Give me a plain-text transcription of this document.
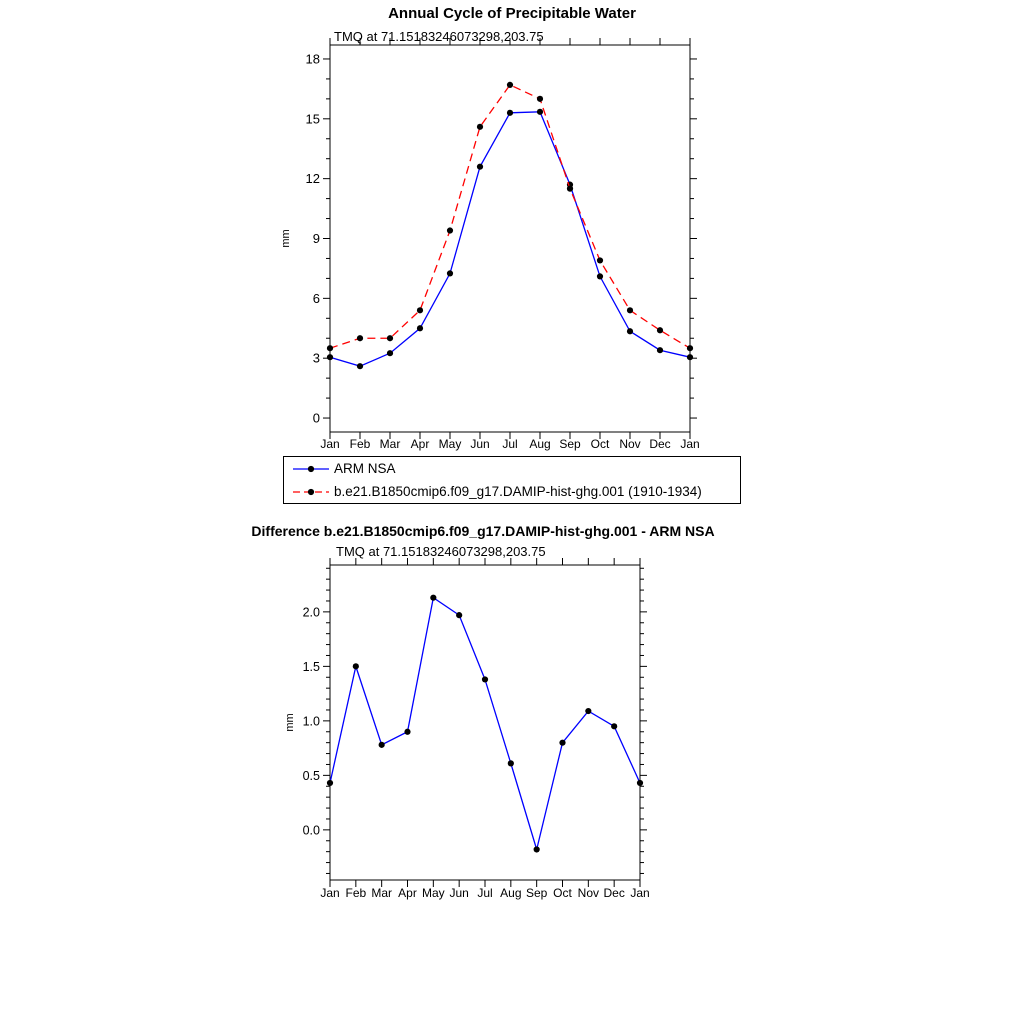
Annual Cycle of Precipitable Water
TMQ at 71.15183246073298,203.75
0
3
6
9
12
15
18
Jan Feb Mar Apr May Jun Jul Aug Sep Oct Nov Dec Jan
mm
ARM NSA
b.e21.B1850cmip6.f09_g17.DAMIP-hist-ghg.001 (1910-1934)
Difference b.e21.B1850cmip6.f09_g17.DAMIP-hist-ghg.001 - ARM NSA
TMQ at 71.15183246073298,203.75
0.0
0.5
1.0
1.5
2.0
Jan Feb Mar Apr May Jun Jul Aug Sep Oct Nov Dec Jan
mm
